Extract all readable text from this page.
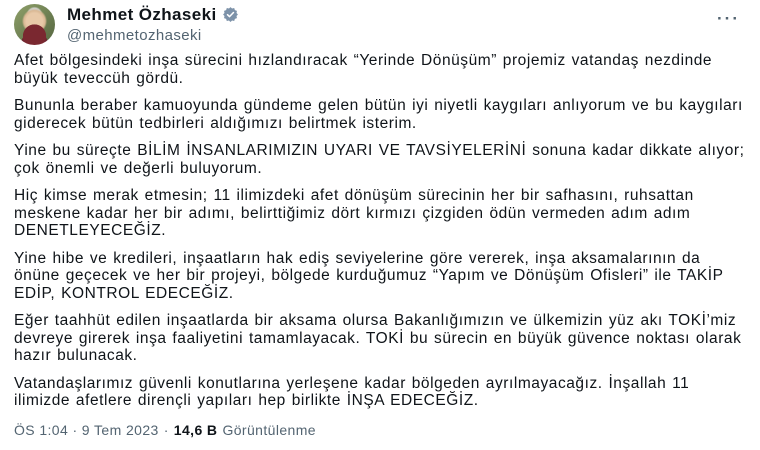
Mehmet Özhaseki
@mehmetozhaseki
···

Afet bölgesindeki inşa sürecini hızlandıracak “Yerinde Dönüşüm” projemiz vatandaş nezdinde büyük teveccüh gördü.

Bununla beraber kamuoyunda gündeme gelen bütün iyi niyetli kaygıları anlıyorum ve bu kaygıları giderecek bütün tedbirleri aldığımızı belirtmek isterim.

Yine bu süreçte BİLİM İNSANLARIMIZIN UYARI VE TAVSİYELERİNİ sonuna kadar dikkate alıyor; çok önemli ve değerli buluyorum.

Hiç kimse merak etmesin; 11 ilimizdeki afet dönüşüm sürecinin her bir safhasını, ruhsattan meskene kadar her bir adımı, belirttiğimiz dört kırmızı çizgiden ödün vermeden adım adım DENETLEYECEĞİZ.

Yine hibe ve kredileri, inşaatların hak ediş seviyelerine göre vererek, inşa aksamalarının da önüne geçecek ve her bir projeyi, bölgede kurduğumuz “Yapım ve Dönüşüm Ofisleri” ile TAKİP EDİP, KONTROL EDECEĞİZ.

Eğer taahhüt edilen inşaatlarda bir aksama olursa Bakanlığımızın ve ülkemizin yüz akı TOKİ’miz devreye girerek inşa faaliyetini tamamlayacak. TOKİ bu sürecin en büyük güvence noktası olarak hazır bulunacak.

Vatandaşlarımız güvenli konutlarına yerleşene kadar bölgeden ayrılmayacağız. İnşallah 11 ilimizde afetlere dirençli yapıları hep birlikte İNŞA EDECEĞİZ.

ÖS 1:04 · 9 Tem 2023 · 14,6 B Görüntülenme
